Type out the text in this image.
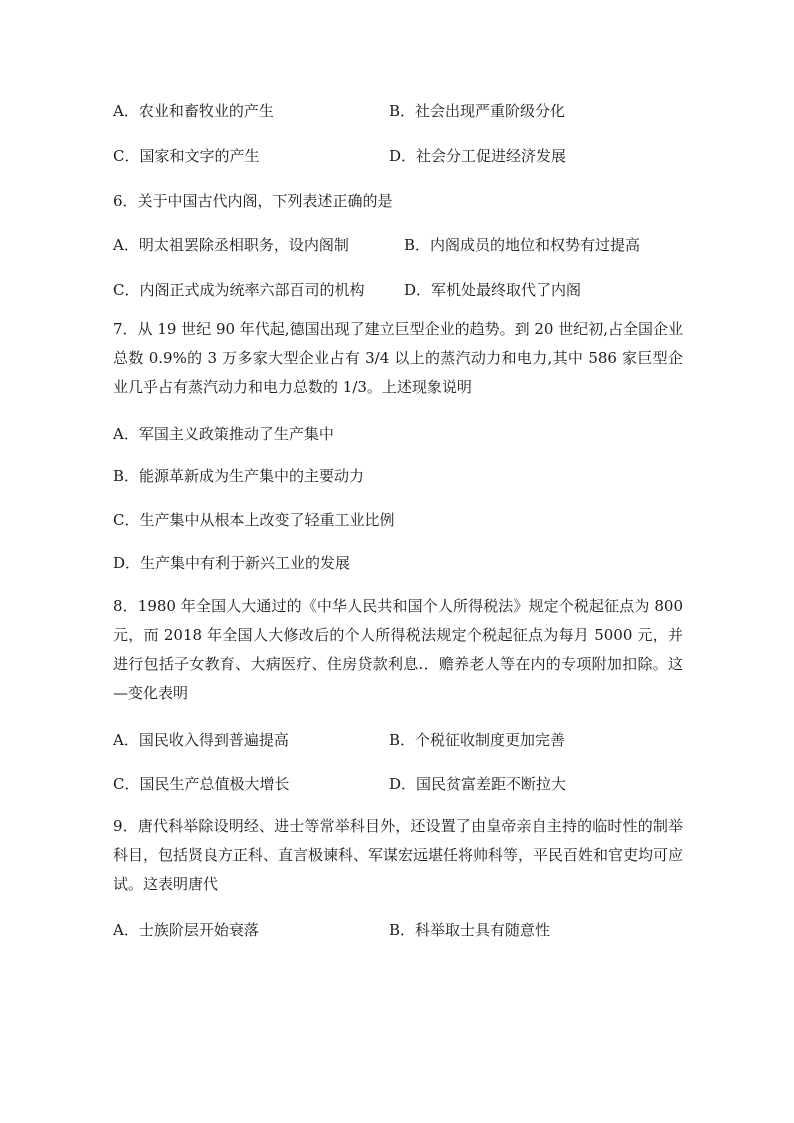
A．农业和畜牧业的产生	B．社会出现严重阶级分化
C．国家和文字的产生	D．社会分工促进经济发展
6．关于中国古代内阁，下列表述正确的是
A．明太祖罢除丞相职务，设内阁制	B．内阁成员的地位和权势有过提高
C．内阁正式成为统率六部百司的机构	D．军机处最终取代了内阁
7．从 19 世纪 90 年代起,德国出现了建立巨型企业的趋势。到 20 世纪初,占全国企业总数 0.9%的 3 万多家大型企业占有 3/4 以上的蒸汽动力和电力,其中 586 家巨型企业几乎占有蒸汽动力和电力总数的 1/3。上述现象说明
A．军国主义政策推动了生产集中
B．能源革新成为生产集中的主要动力
C．生产集中从根本上改变了轻重工业比例
D．生产集中有利于新兴工业的发展
8．1980 年全国人大通过的《中华人民共和国个人所得税法》规定个税起征点为 800 元，而 2018 年全国人大修改后的个人所得税法规定个税起征点为每月 5000 元，并进行包括子女教育、大病医疗、住房贷款利息.．赡养老人等在内的专项附加扣除。这—变化表明
A．国民收入得到普遍提高	B．个税征收制度更加完善
C．国民生产总值极大增长	D．国民贫富差距不断拉大
9．唐代科举除设明经、进士等常举科目外，还设置了由皇帝亲自主持的临时性的制举科目，包括贤良方正科、直言极谏科、军谋宏远堪任将帅科等，平民百姓和官吏均可应试。这表明唐代
A．士族阶层开始衰落	B．科举取士具有随意性
